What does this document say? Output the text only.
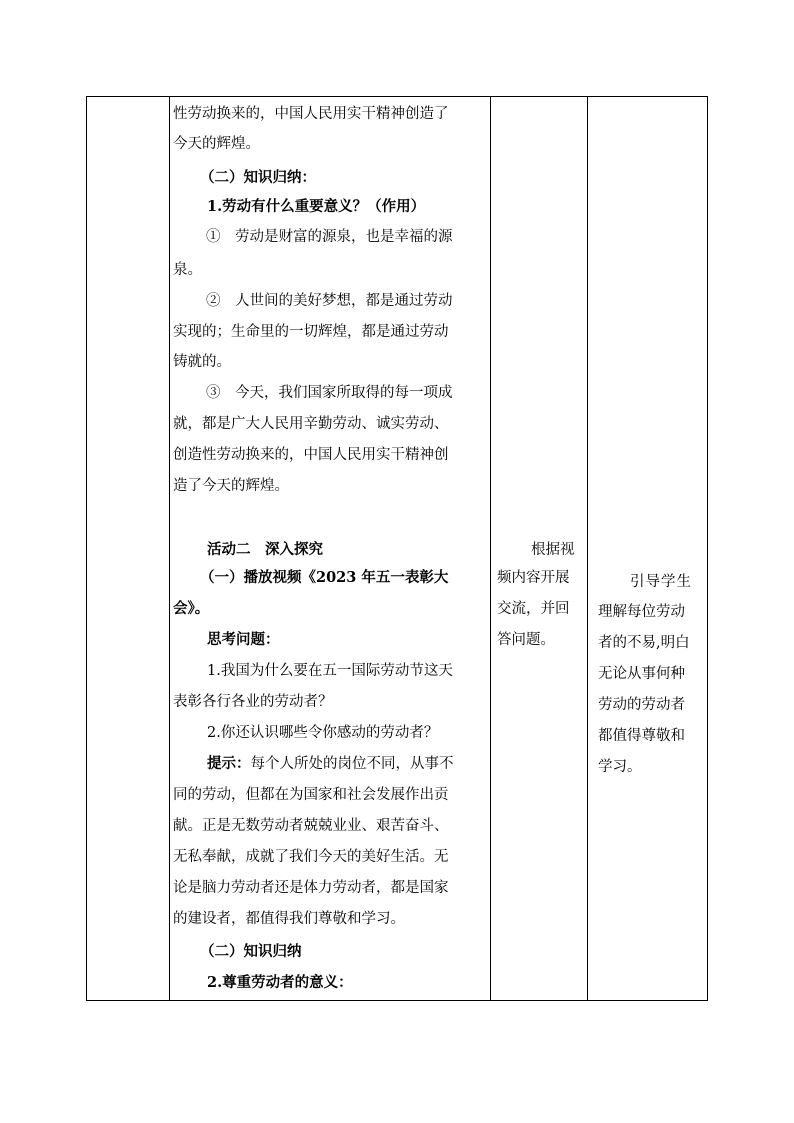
性劳动换来的，中国人民用实干精神创造了
今天的辉煌。
（二）知识归纳：
1.劳动有什么重要意义？（作用）
①　劳动是财富的源泉，也是幸福的源
泉。
②　人世间的美好梦想，都是通过劳动
实现的；生命里的一切辉煌，都是通过劳动
铸就的。
③　今天，我们国家所取得的每一项成
就，都是广大人民用辛勤劳动、诚实劳动、
创造性劳动换来的，中国人民用实干精神创
造了今天的辉煌。
活动二　深入探究
（一）播放视频《2023 年五一表彰大
会》。
思考问题：
1.我国为什么要在五一国际劳动节这天
表彰各行各业的劳动者？
2.你还认识哪些令你感动的劳动者？
提示：每个人所处的岗位不同，从事不
同的劳动，但都在为国家和社会发展作出贡
献。正是无数劳动者兢兢业业、艰苦奋斗、
无私奉献，成就了我们今天的美好生活。无
论是脑力劳动者还是体力劳动者，都是国家
的建设者，都值得我们尊敬和学习。
（二）知识归纳
2.尊重劳动者的意义：
根据视
频内容开展
交流，并回
答问题。
引导学生
理解每位劳动
者的不易,明白
无论从事何种
劳动的劳动者
都值得尊敬和
学习。
